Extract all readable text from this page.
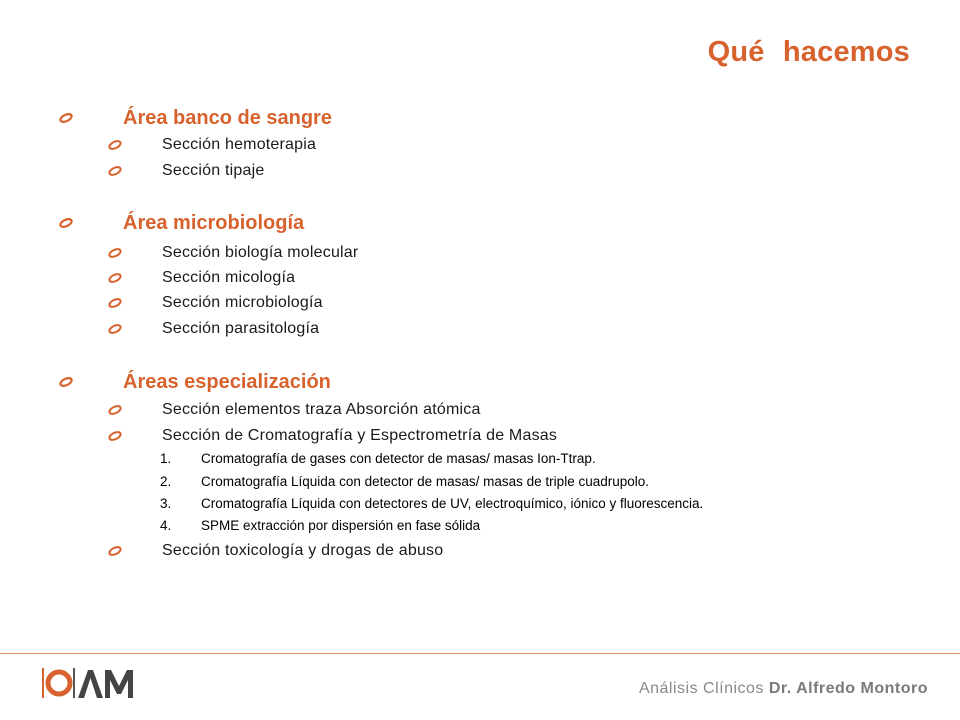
Qué hacemos
Área banco de sangre
Sección hemoterapia
Sección tipaje
Área microbiología
Sección biología molecular
Sección micología
Sección microbiología
Sección parasitología
Áreas especialización
Sección elementos traza Absorción atómica
Sección de Cromatografía y Espectrometría de Masas
1. Cromatografía de gases con detector de masas/ masas Ion-Ttrap.
2. Cromatografía Líquida con detector de masas/ masas de triple cuadrupolo.
3. Cromatografía Líquida con detectores de UV, electroquímico, iónico y fluorescencia.
4. SPME extracción por dispersión en fase sólida
Sección toxicología y drogas de abuso
Análisis Clínicos Dr. Alfredo Montoro
